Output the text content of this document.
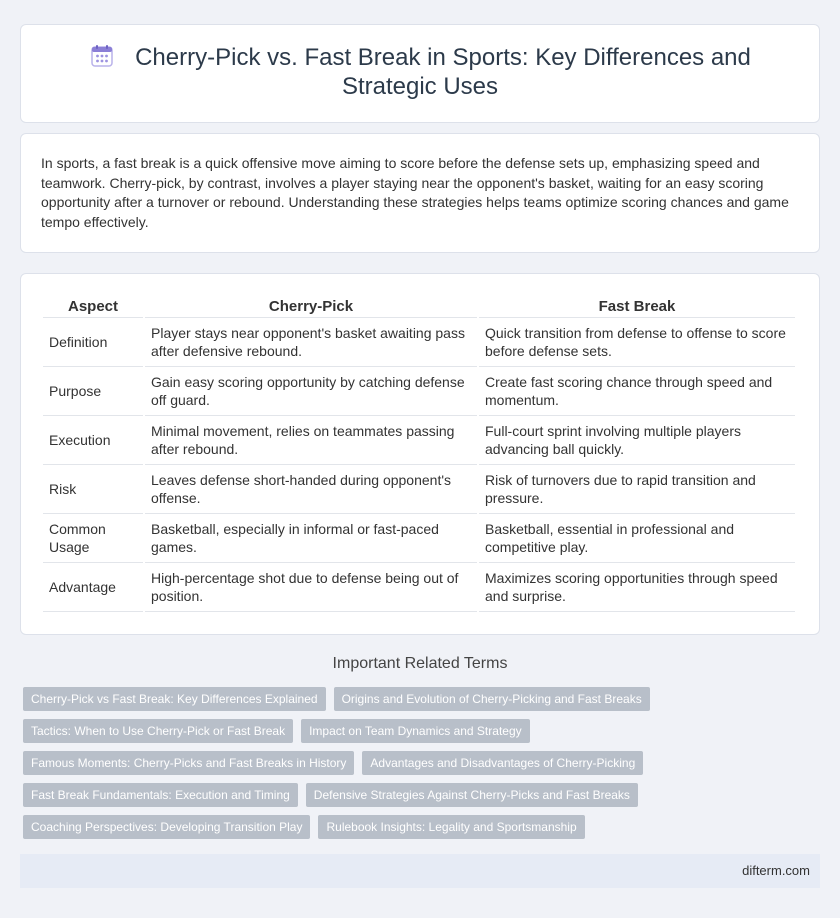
Cherry-Pick vs. Fast Break in Sports: Key Differences and Strategic Uses

In sports, a fast break is a quick offensive move aiming to score before the defense sets up, emphasizing speed and teamwork. Cherry-pick, by contrast, involves a player staying near the opponent's basket, waiting for an easy scoring opportunity after a turnover or rebound. Understanding these strategies helps teams optimize scoring chances and game tempo effectively.

Aspect	Cherry-Pick	Fast Break
Definition	Player stays near opponent's basket awaiting pass after defensive rebound.	Quick transition from defense to offense to score before defense sets.
Purpose	Gain easy scoring opportunity by catching defense off guard.	Create fast scoring chance through speed and momentum.
Execution	Minimal movement, relies on teammates passing after rebound.	Full-court sprint involving multiple players advancing ball quickly.
Risk	Leaves defense short-handed during opponent's offense.	Risk of turnovers due to rapid transition and pressure.
Common Usage	Basketball, especially in informal or fast-paced games.	Basketball, essential in professional and competitive play.
Advantage	High-percentage shot due to defense being out of position.	Maximizes scoring opportunities through speed and surprise.
Important Related Terms
Cherry-Pick vs Fast Break: Key Differences Explained	Origins and Evolution of Cherry-Picking and Fast Breaks
Tactics: When to Use Cherry-Pick or Fast Break	Impact on Team Dynamics and Strategy
Famous Moments: Cherry-Picks and Fast Breaks in History	Advantages and Disadvantages of Cherry-Picking
Fast Break Fundamentals: Execution and Timing	Defensive Strategies Against Cherry-Picks and Fast Breaks
Coaching Perspectives: Developing Transition Play	Rulebook Insights: Legality and Sportsmanship
difterm.com
